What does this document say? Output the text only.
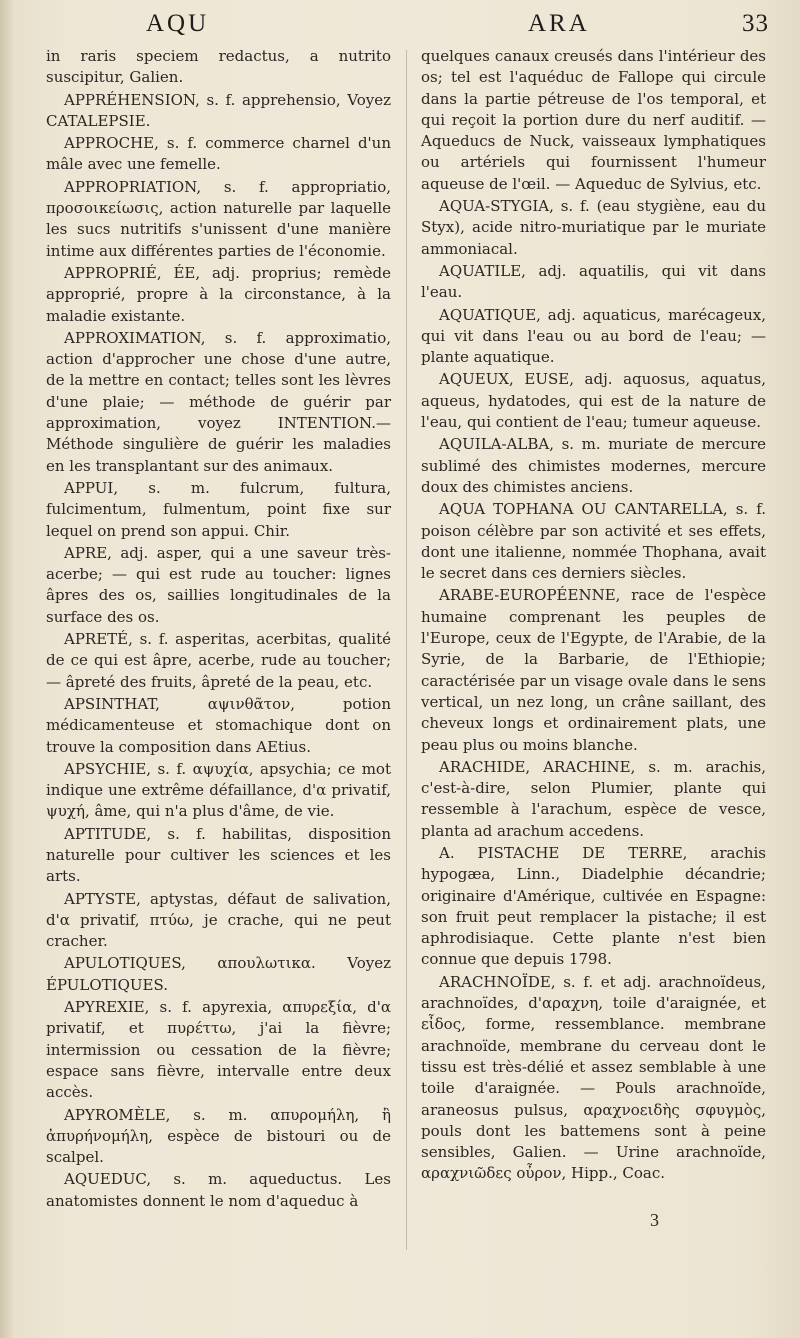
AQU	ARA	33

in raris speciem redactus, a nutrito suscipitur, Galien.

APPRÉHENSION, s. f. apprehensio, Voyez CATALEPSIE.

APPROCHE, s. f. commerce charnel d'un mâle avec une femelle.

APPROPRIATION, s. f. appropriatio, προσοικείωσις, action naturelle par laquelle les sucs nutritifs s'unissent d'une manière intime aux différentes parties de l'économie.

APPROPRIÉ, ÉE, adj. proprius; remède approprié, propre à la circonstance, à la maladie existante.

APPROXIMATION, s. f. approximatio, action d'approcher une chose d'une autre, de la mettre en contact; telles sont les lèvres d'une plaie; — méthode de guérir par approximation, voyez INTENTION.— Méthode singulière de guérir les maladies en les transplantant sur des animaux.

APPUI, s. m. fulcrum, fultura, fulcimentum, fulmentum, point fixe sur lequel on prend son appui. Chir.

APRE, adj. asper, qui a une saveur très-acerbe; — qui est rude au toucher: lignes âpres des os, saillies longitudinales de la surface des os.

APRETÉ, s. f. asperitas, acerbitas, qualité de ce qui est âpre, acerbe, rude au toucher; — âpreté des fruits, âpreté de la peau, etc.

APSINTHAT, αψινθᾶτον, potion médicamenteuse et stomachique dont on trouve la composition dans AEtius.

APSYCHIE, s. f. αψυχία, apsychia; ce mot indique une extrême défaillance, d'α privatif, ψυχή, âme, qui n'a plus d'âme, de vie.

APTITUDE, s. f. habilitas, disposition naturelle pour cultiver les sciences et les arts.

APTYSTE, aptystas, défaut de salivation, d'α privatif, πτύω, je crache, qui ne peut cracher.

APULOTIQUES, απουλωτικα. Voyez ÉPULOTIQUES.

APYREXIE, s. f. apyrexia, απυρεξία, d'α privatif, et πυρέττω, j'ai la fièvre; intermission ou cessation de la fièvre; espace sans fièvre, intervalle entre deux accès.

APYROMÈLE, s. m. απυρομήλη, ἢ ἀπυρήνομήλη, espèce de bistouri ou de scalpel.

AQUEDUC, s. m. aqueductus. Les anatomistes donnent le nom d'aqueduc à

quelques canaux creusés dans l'intérieur des os; tel est l'aquéduc de Fallope qui circule dans la partie pétreuse de l'os temporal, et qui reçoit la portion dure du nerf auditif. — Aqueducs de Nuck, vaisseaux lymphatiques ou artériels qui fournissent l'humeur aqueuse de l'œil. — Aqueduc de Sylvius, etc.

AQUA-STYGIA, s. f. (eau stygiène, eau du Styx), acide nitro-muriatique par le muriate ammoniacal.

AQUATILE, adj. aquatilis, qui vit dans l'eau.

AQUATIQUE, adj. aquaticus, marécageux, qui vit dans l'eau ou au bord de l'eau; — plante aquatique.

AQUEUX, EUSE, adj. aquosus, aquatus, aqueus, hydatodes, qui est de la nature de l'eau, qui contient de l'eau; tumeur aqueuse.

AQUILA-ALBA, s. m. muriate de mercure sublimé des chimistes modernes, mercure doux des chimistes anciens.

AQUA TOPHANA OU CANTARELLA, s. f. poison célèbre par son activité et ses effets, dont une italienne, nommée Thophana, avait le secret dans ces derniers siècles.

ARABE-EUROPÉENNE, race de l'espèce humaine comprenant les peuples de l'Europe, ceux de l'Egypte, de l'Arabie, de la Syrie, de la Barbarie, de l'Ethiopie; caractérisée par un visage ovale dans le sens vertical, un nez long, un crâne saillant, des cheveux longs et ordinairement plats, une peau plus ou moins blanche.

ARACHIDE, ARACHINE, s. m. arachis, c'est-à-dire, selon Plumier, plante qui ressemble à l'arachum, espèce de vesce, planta ad arachum accedens.

A. PISTACHE DE TERRE, arachis hypogæa, Linn., Diadelphie décandrie; originaire d'Amérique, cultivée en Espagne: son fruit peut remplacer la pistache; il est aphrodisiaque. Cette plante n'est bien connue que depuis 1798.

ARACHNOÏDE, s. f. et adj. arachnoïdeus, arachnoïdes, d'αραχνη, toile d'araignée, et εἶδος, forme, ressemblance. membrane arachnoïde, membrane du cerveau dont le tissu est très-délié et assez semblable à une toile d'araignée. — Pouls arachnoïde, araneosus pulsus, αραχνοειδὴς σφυγμὸς, pouls dont les battemens sont à peine sensibles, Galien. — Urine arachnoïde, αραχνιῶδες οὖρον, Hipp., Coac.

3
